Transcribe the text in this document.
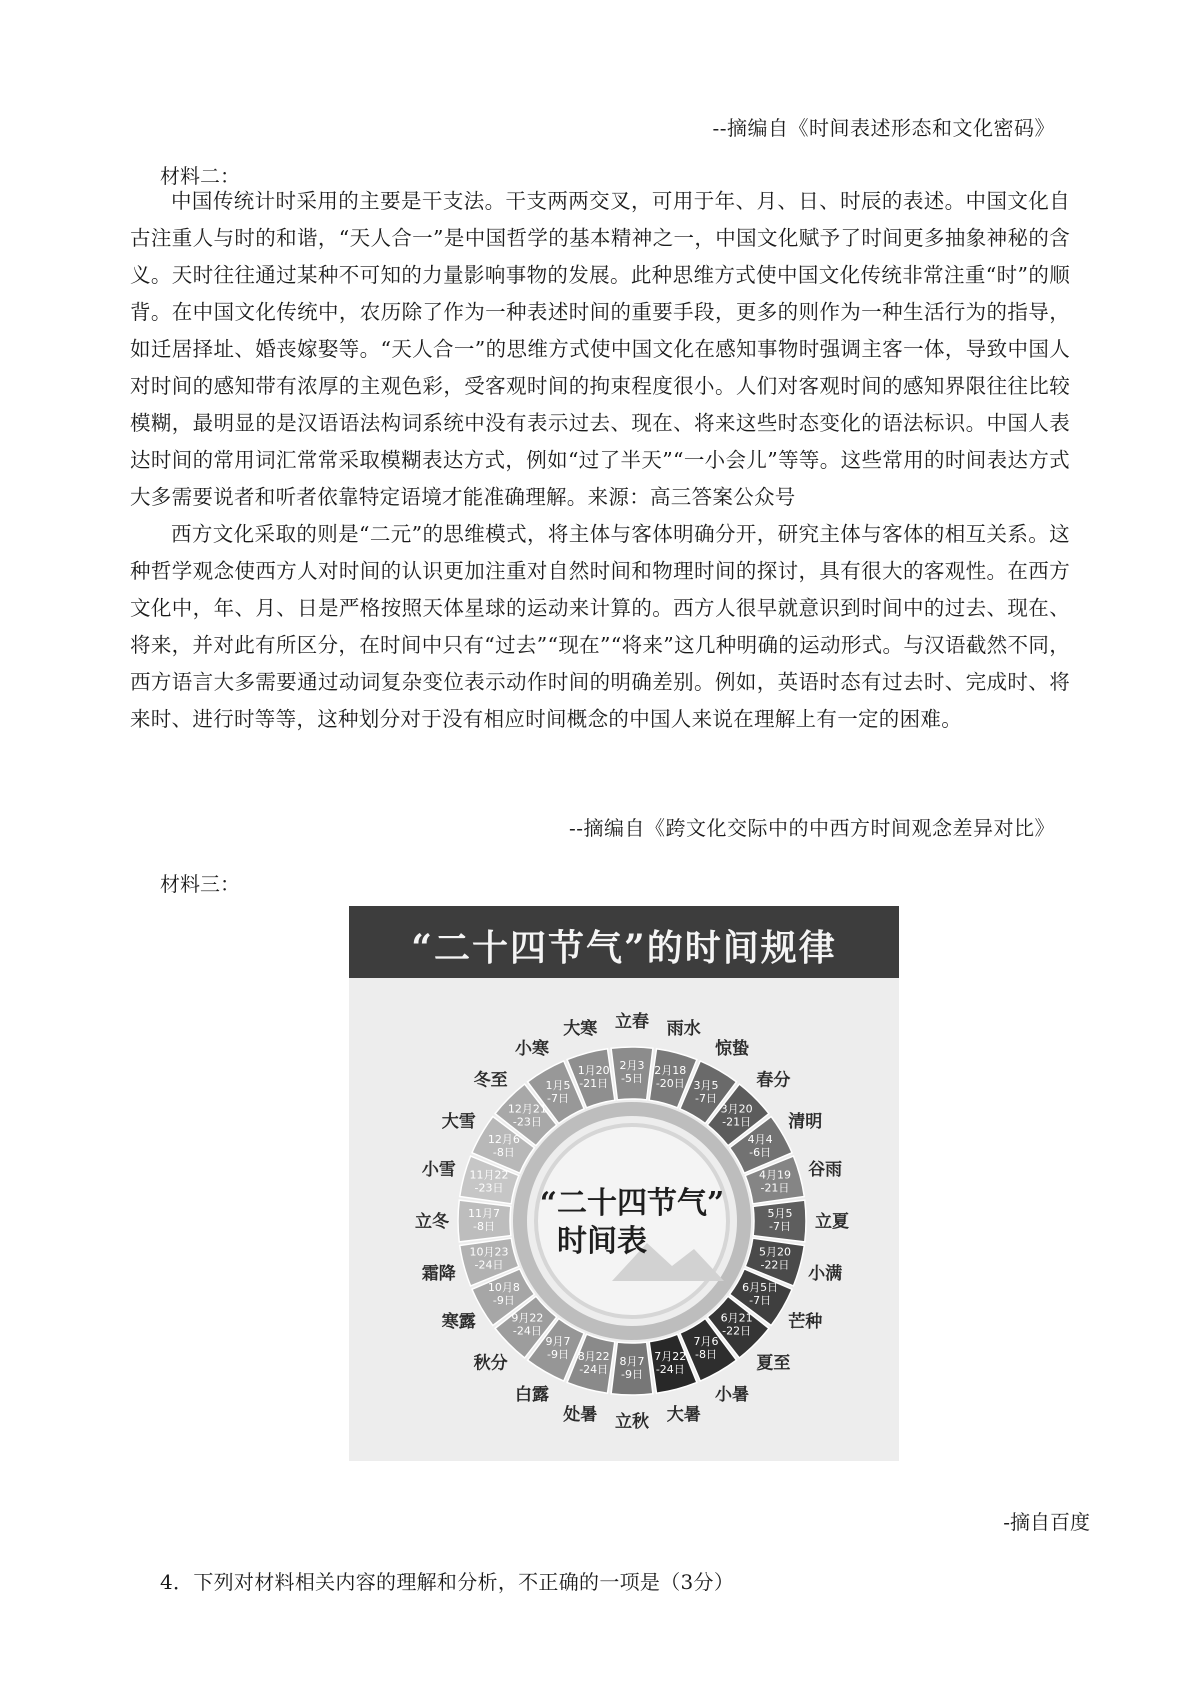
--摘编自《时间表述形态和文化密码》
材料二：

中国传统计时采用的主要是干支法。干支两两交叉，可用于年、月、日、时辰的表述。中国文化自古注重人与时的和谐，“天人合一”是中国哲学的基本精神之一，中国文化赋予了时间更多抽象神秘的含义。天时往往通过某种不可知的力量影响事物的发展。此种思维方式使中国文化传统非常注重“时”的顺背。在中国文化传统中，农历除了作为一种表述时间的重要手段，更多的则作为一种生活行为的指导，如迁居择址、婚丧嫁娶等。“天人合一”的思维方式使中国文化在感知事物时强调主客一体，导致中国人对时间的感知带有浓厚的主观色彩，受客观时间的拘束程度很小。人们对客观时间的感知界限往往比较模糊，最明显的是汉语语法构词系统中没有表示过去、现在、将来这些时态变化的语法标识。中国人表达时间的常用词汇常常采取模糊表达方式，例如“过了半天”“一小会儿”等等。这些常用的时间表达方式大多需要说者和听者依靠特定语境才能准确理解。来源：高三答案公众号

西方文化采取的则是“二元”的思维模式，将主体与客体明确分开，研究主体与客体的相互关系。这种哲学观念使西方人对时间的认识更加注重对自然时间和物理时间的探讨，具有很大的客观性。在西方文化中，年、月、日是严格按照天体星球的运动来计算的。西方人很早就意识到时间中的过去、现在、将来，并对此有所区分，在时间中只有“过去”“现在”“将来”这几种明确的运动形式。与汉语截然不同，西方语言大多需要通过动词复杂变位表示动作时间的明确差别。例如，英语时态有过去时、完成时、将来时、进行时等等，这种划分对于没有相应时间概念的中国人来说在理解上有一定的困难。

--摘编自《跨文化交际中的中西方时间观念差异对比》
材料三：
“二十四节气”的时间规律
2月3 -5日
立春
2月18 -20日
雨水
3月5 -7日
惊蛰
3月20 -21日
春分
4月4 -6日
清明
4月19 -21日
谷雨
5月5 -7日 立夏
5月20 -22日 小满
6月5日-7日
芒种
6月21 -22日
夏至
7月6 -8日
小暑
7月22 -24日
大暑
8月7 -9日
立秋
8月22 -24日
处暑
9月7 -9日
白露
9月22 -24日
秋分
10月8 -9日
寒露
10月23 -24日
霜降
11月7 -8日
立冬
11月22 -23日
小雪
12月6 -8日
大雪
12月21 -23日
冬至	1月5 -7日
小寒
1月20 -21日
大寒
“二十四节气”
时间表
-摘自百度
4．下列对材料相关内容的理解和分析，不正确的一项是（3分）
